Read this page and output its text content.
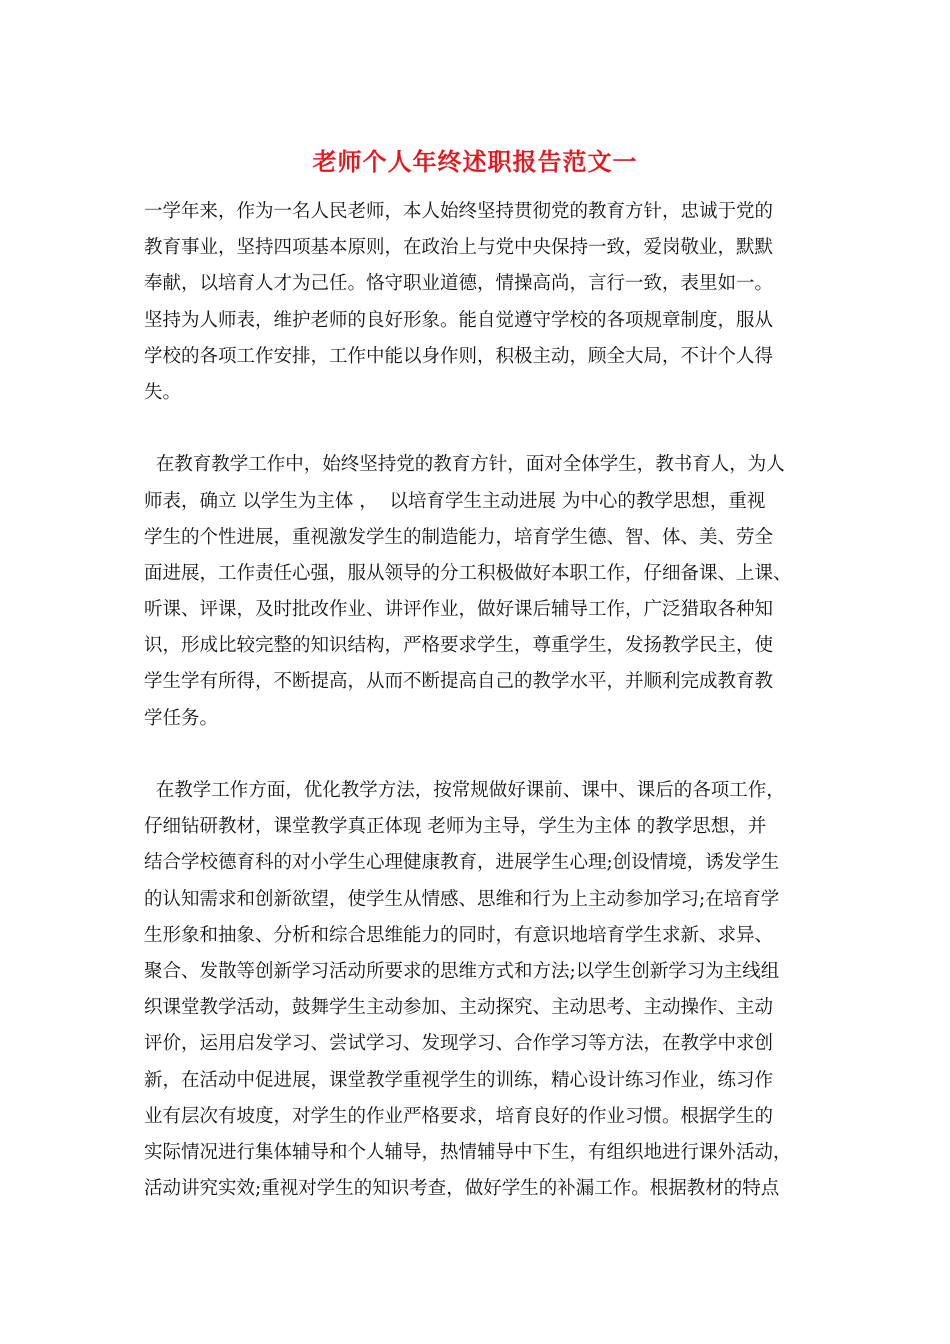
老师个人年终述职报告范文一
一学年来，作为一名人民老师，本人始终坚持贯彻党的教育方针，忠诚于党的
教育事业，坚持四项基本原则，在政治上与党中央保持一致，爱岗敬业，默默
奉献，以培育人才为己任。恪守职业道德，情操高尚，言行一致，表里如一。
坚持为人师表，维护老师的良好形象。能自觉遵守学校的各项规章制度，服从
学校的各项工作安排，工作中能以身作则，积极主动，顾全大局，不计个人得
失。
在教育教学工作中，始终坚持党的教育方针，面对全体学生，教书育人，为人
师表，确立 以学生为主体 ，  以培育学生主动进展 为中心的教学思想，重视
学生的个性进展，重视激发学生的制造能力，培育学生德、智、体、美、劳全
面进展，工作责任心强，服从领导的分工积极做好本职工作，仔细备课、上课、
听课、评课，及时批改作业、讲评作业，做好课后辅导工作，广泛猎取各种知
识，形成比较完整的知识结构，严格要求学生，尊重学生，发扬教学民主，使
学生学有所得，不断提高，从而不断提高自己的教学水平，并顺利完成教育教
学任务。
在教学工作方面，优化教学方法，按常规做好课前、课中、课后的各项工作，
仔细钻研教材，课堂教学真正体现 老师为主导，学生为主体 的教学思想，并
结合学校德育科的对小学生心理健康教育，进展学生心理;创设情境，诱发学生
的认知需求和创新欲望，使学生从情感、思维和行为上主动参加学习;在培育学
生形象和抽象、分析和综合思维能力的同时，有意识地培育学生求新、求异、
聚合、发散等创新学习活动所要求的思维方式和方法;以学生创新学习为主线组
织课堂教学活动，鼓舞学生主动参加、主动探究、主动思考、主动操作、主动
评价，运用启发学习、尝试学习、发现学习、合作学习等方法，在教学中求创
新，在活动中促进展，课堂教学重视学生的训练，精心设计练习作业，练习作
业有层次有坡度，对学生的作业严格要求，培育良好的作业习惯。根据学生的
实际情况进行集体辅导和个人辅导，热情辅导中下生，有组织地进行课外活动，
活动讲究实效;重视对学生的知识考查，做好学生的补漏工作。根据教材的特点
